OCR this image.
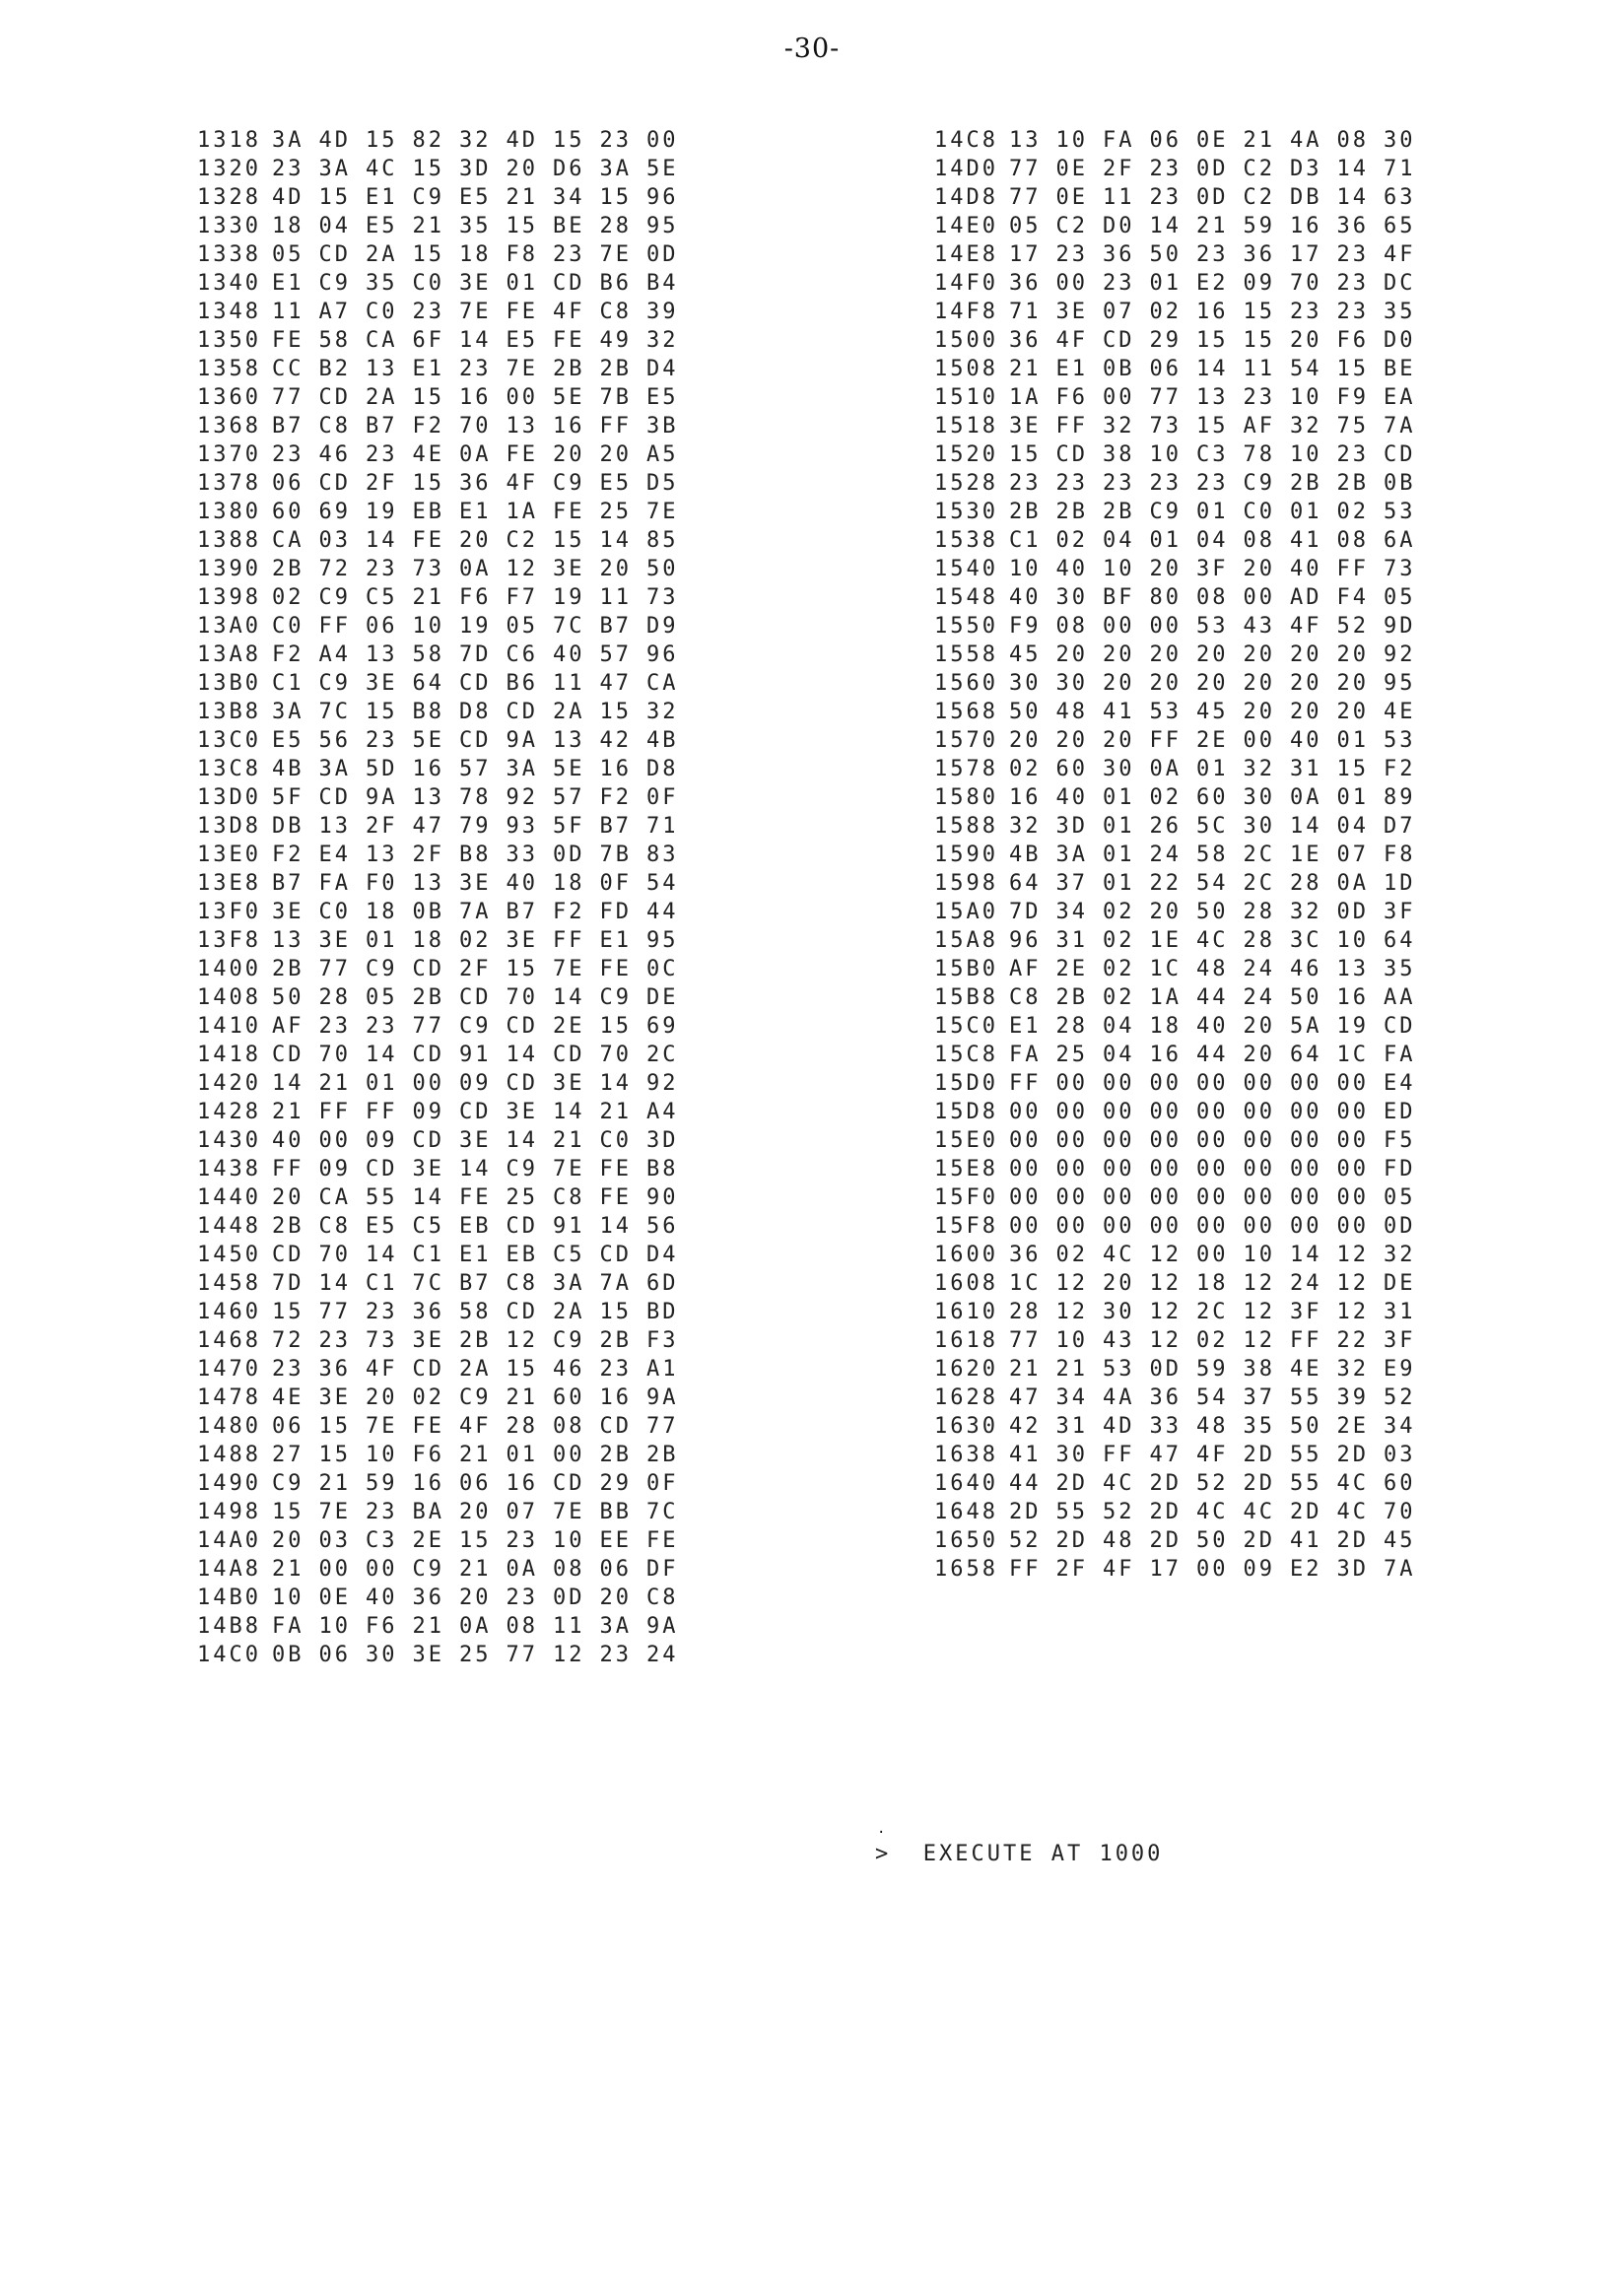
-30-
1318 3A 4D 15 82 32 4D 15 23 00
1320 23 3A 4C 15 3D 20 D6 3A 5E
1328 4D 15 E1 C9 E5 21 34 15 96
1330 18 04 E5 21 35 15 BE 28 95
1338 05 CD 2A 15 18 F8 23 7E 0D
1340 E1 C9 35 C0 3E 01 CD B6 B4
1348 11 A7 C0 23 7E FE 4F C8 39
1350 FE 58 CA 6F 14 E5 FE 49 32
1358 CC B2 13 E1 23 7E 2B 2B D4
1360 77 CD 2A 15 16 00 5E 7B E5
1368 B7 C8 B7 F2 70 13 16 FF 3B
1370 23 46 23 4E 0A FE 20 20 A5
1378 06 CD 2F 15 36 4F C9 E5 D5
1380 60 69 19 EB E1 1A FE 25 7E
1388 CA 03 14 FE 20 C2 15 14 85
1390 2B 72 23 73 0A 12 3E 20 50
1398 02 C9 C5 21 F6 F7 19 11 73
13A0 C0 FF 06 10 19 05 7C B7 D9
13A8 F2 A4 13 58 7D C6 40 57 96
13B0 C1 C9 3E 64 CD B6 11 47 CA
13B8 3A 7C 15 B8 D8 CD 2A 15 32
13C0 E5 56 23 5E CD 9A 13 42 4B
13C8 4B 3A 5D 16 57 3A 5E 16 D8
13D0 5F CD 9A 13 78 92 57 F2 0F
13D8 DB 13 2F 47 79 93 5F B7 71
13E0 F2 E4 13 2F B8 33 0D 7B 83
13E8 B7 FA F0 13 3E 40 18 0F 54
13F0 3E C0 18 0B 7A B7 F2 FD 44
13F8 13 3E 01 18 02 3E FF E1 95
1400 2B 77 C9 CD 2F 15 7E FE 0C
1408 50 28 05 2B CD 70 14 C9 DE
1410 AF 23 23 77 C9 CD 2E 15 69
1418 CD 70 14 CD 91 14 CD 70 2C
1420 14 21 01 00 09 CD 3E 14 92
1428 21 FF FF 09 CD 3E 14 21 A4
1430 40 00 09 CD 3E 14 21 C0 3D
1438 FF 09 CD 3E 14 C9 7E FE B8
1440 20 CA 55 14 FE 25 C8 FE 90
1448 2B C8 E5 C5 EB CD 91 14 56
1450 CD 70 14 C1 E1 EB C5 CD D4
1458 7D 14 C1 7C B7 C8 3A 7A 6D
1460 15 77 23 36 58 CD 2A 15 BD
1468 72 23 73 3E 2B 12 C9 2B F3
1470 23 36 4F CD 2A 15 46 23 A1
1478 4E 3E 20 02 C9 21 60 16 9A
1480 06 15 7E FE 4F 28 08 CD 77
1488 27 15 10 F6 21 01 00 2B 2B
1490 C9 21 59 16 06 16 CD 29 0F
1498 15 7E 23 BA 20 07 7E BB 7C
14A0 20 03 C3 2E 15 23 10 EE FE
14A8 21 00 00 C9 21 0A 08 06 DF
14B0 10 0E 40 36 20 23 0D 20 C8
14B8 FA 10 F6 21 0A 08 11 3A 9A
14C0 0B 06 30 3E 25 77 12 23 24
14C8 13 10 FA 06 0E 21 4A 08 30
14D0 77 0E 2F 23 0D C2 D3 14 71
14D8 77 0E 11 23 0D C2 DB 14 63
14E0 05 C2 D0 14 21 59 16 36 65
14E8 17 23 36 50 23 36 17 23 4F
14F0 36 00 23 01 E2 09 70 23 DC
14F8 71 3E 07 02 16 15 23 23 35
1500 36 4F CD 29 15 15 20 F6 D0
1508 21 E1 0B 06 14 11 54 15 BE
1510 1A F6 00 77 13 23 10 F9 EA
1518 3E FF 32 73 15 AF 32 75 7A
1520 15 CD 38 10 C3 78 10 23 CD
1528 23 23 23 23 23 C9 2B 2B 0B
1530 2B 2B 2B C9 01 C0 01 02 53
1538 C1 02 04 01 04 08 41 08 6A
1540 10 40 10 20 3F 20 40 FF 73
1548 40 30 BF 80 08 00 AD F4 05
1550 F9 08 00 00 53 43 4F 52 9D
1558 45 20 20 20 20 20 20 20 92
1560 30 30 20 20 20 20 20 20 95
1568 50 48 41 53 45 20 20 20 4E
1570 20 20 20 FF 2E 00 40 01 53
1578 02 60 30 0A 01 32 31 15 F2
1580 16 40 01 02 60 30 0A 01 89
1588 32 3D 01 26 5C 30 14 04 D7
1590 4B 3A 01 24 58 2C 1E 07 F8
1598 64 37 01 22 54 2C 28 0A 1D
15A0 7D 34 02 20 50 28 32 0D 3F
15A8 96 31 02 1E 4C 28 3C 10 64
15B0 AF 2E 02 1C 48 24 46 13 35
15B8 C8 2B 02 1A 44 24 50 16 AA
15C0 E1 28 04 18 40 20 5A 19 CD
15C8 FA 25 04 16 44 20 64 1C FA
15D0 FF 00 00 00 00 00 00 00 E4
15D8 00 00 00 00 00 00 00 00 ED
15E0 00 00 00 00 00 00 00 00 F5
15E8 00 00 00 00 00 00 00 00 FD
15F0 00 00 00 00 00 00 00 00 05
15F8 00 00 00 00 00 00 00 00 0D
1600 36 02 4C 12 00 10 14 12 32
1608 1C 12 20 12 18 12 24 12 DE
1610 28 12 30 12 2C 12 3F 12 31
1618 77 10 43 12 02 12 FF 22 3F
1620 21 21 53 0D 59 38 4E 32 E9
1628 47 34 4A 36 54 37 55 39 52
1630 42 31 4D 33 48 35 50 2E 34
1638 41 30 FF 47 4F 2D 55 2D 03
1640 44 2D 4C 2D 52 2D 55 4C 60
1648 2D 55 52 2D 4C 4C 2D 4C 70
1650 52 2D 48 2D 50 2D 41 2D 45
1658 FF 2F 4F 17 00 09 E2 3D 7A
.
> EXECUTE AT 1000
